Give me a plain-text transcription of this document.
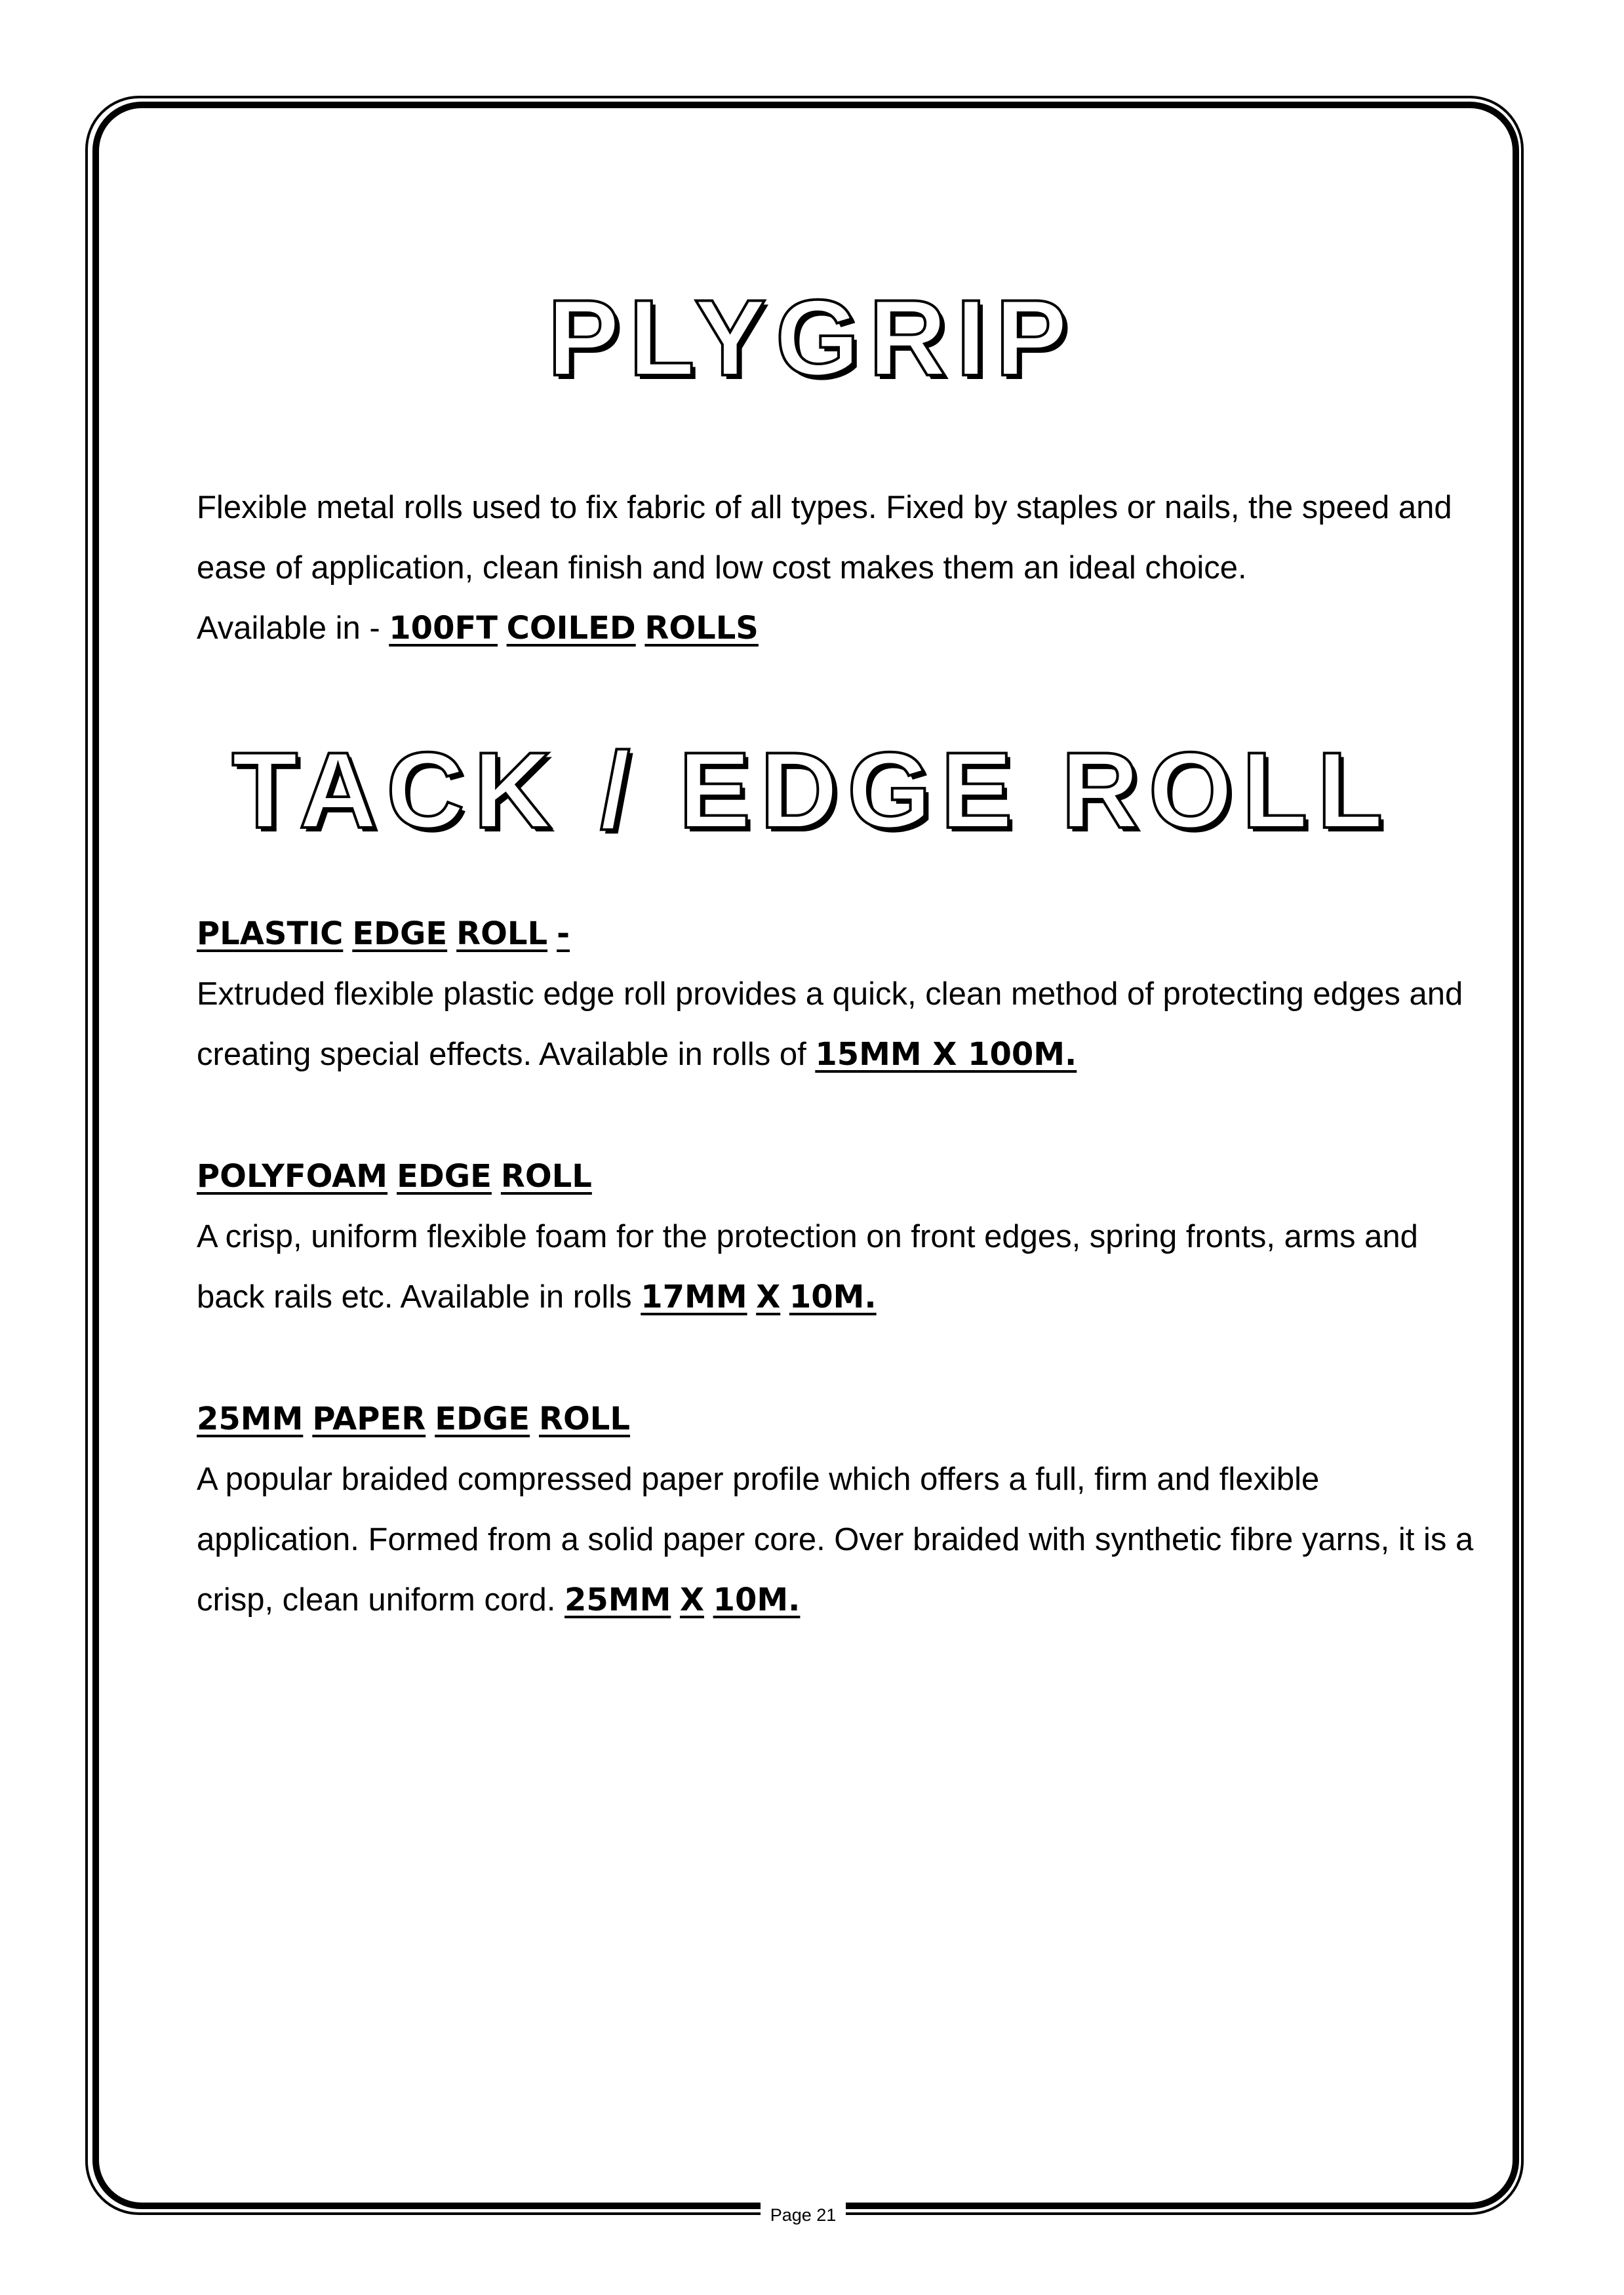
PLYGRIP

Flexible metal rolls used to fix fabric of all types. Fixed by staples or nails, the speed and ease of application, clean finish and low cost makes them an ideal choice.
Available in - 100FT COILED ROLLS

TACK / EDGE ROLL

PLASTIC EDGE ROLL -

Extruded flexible plastic edge roll provides a quick, clean method of protecting edges and creating special effects. Available in rolls of 15MM X 100M.

POLYFOAM EDGE ROLL

A crisp, uniform flexible foam for the protection on front edges, spring fronts, arms and back rails etc. Available in rolls 17MM X 10M.

25MM PAPER EDGE ROLL

A popular braided compressed paper profile which offers a full, firm and flexible application. Formed from a solid paper core. Over braided with synthetic fibre yarns, it is a crisp, clean uniform cord. 25MM X 10M.

Page 21
